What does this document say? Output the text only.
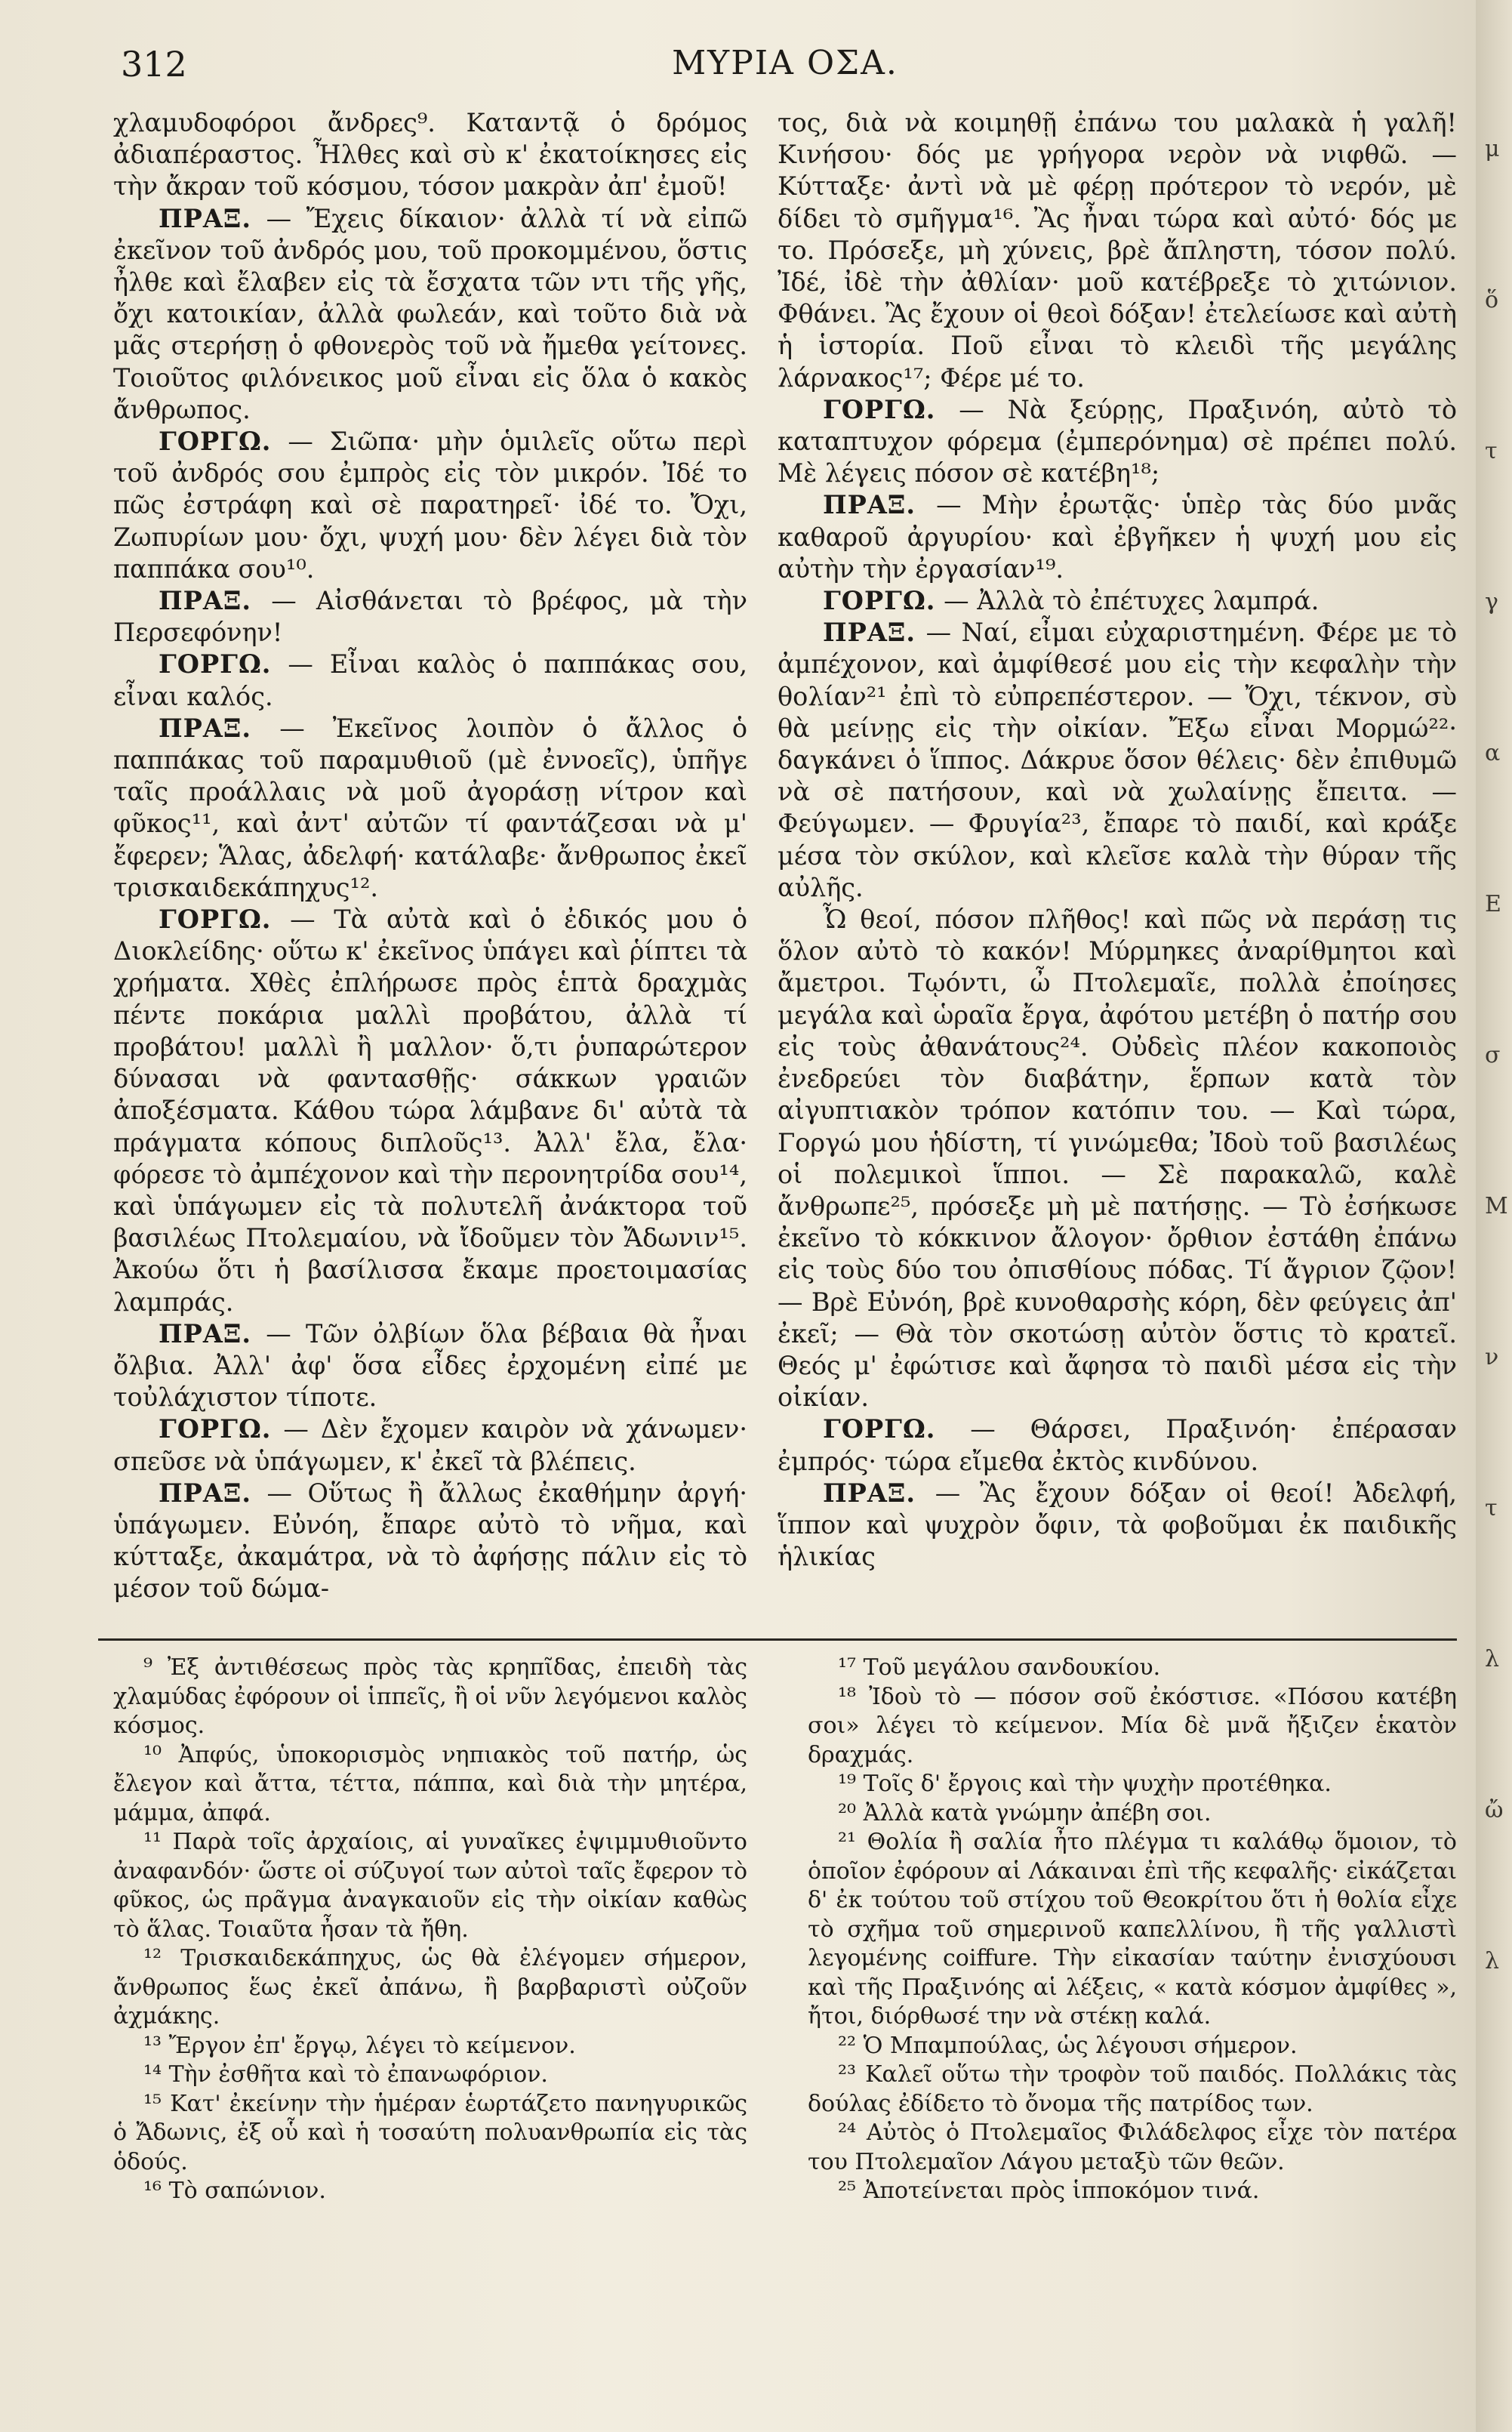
312	ΜΥΡΙΑ ΟΣΑ.

χλαμυδοφόροι ἄνδρες⁹. Καταντᾷ ὁ δρόμος ἀδιαπέραστος. Ἦλθες καὶ σὺ κ' ἐκατοίκησες εἰς τὴν ἄκραν τοῦ κόσμου, τόσον μακρὰν ἀπ' ἐμοῦ!

ΠΡΑΞ. — Ἔχεις δίκαιον· ἀλλὰ τί νὰ εἰπῶ ἐκεῖνον τοῦ ἀνδρός μου, τοῦ προκομμένου, ὅστις ἦλθε καὶ ἔλαβεν εἰς τὰ ἔσχατα τῶν ντι τῆς γῆς, ὄχι κατοικίαν, ἀλλὰ φωλεάν, καὶ τοῦτο διὰ νὰ μᾶς στερήσῃ ὁ φθονερὸς τοῦ νὰ ἤμεθα γείτονες. Τοιοῦτος φιλόνεικος μοῦ εἶναι εἰς ὅλα ὁ κακὸς ἄνθρωπος.

ΓΟΡΓΩ. — Σιῶπα· μὴν ὁμιλεῖς οὕτω περὶ τοῦ ἀνδρός σου ἐμπρὸς εἰς τὸν μικρόν. Ἰδέ το πῶς ἐστράφη καὶ σὲ παρατηρεῖ· ἰδέ το. Ὄχι, Ζωπυρίων μου· ὄχι, ψυχή μου· δὲν λέγει διὰ τὸν παππάκα σου¹⁰.

ΠΡΑΞ. — Αἰσθάνεται τὸ βρέφος, μὰ τὴν Περσεφόνην!

ΓΟΡΓΩ. — Εἶναι καλὸς ὁ παππάκας σου, εἶναι καλός.

ΠΡΑΞ. — Ἐκεῖνος λοιπὸν ὁ ἄλλος ὁ παππάκας τοῦ παραμυθιοῦ (μὲ ἐννοεῖς), ὑπῆγε ταῖς προάλλαις νὰ μοῦ ἀγοράσῃ νίτρον καὶ φῦκος¹¹, καὶ ἀντ' αὐτῶν τί φαντάζεσαι νὰ μ' ἔφερεν; Ἅλας, ἀδελφή· κατάλαβε· ἄνθρωπος ἐκεῖ τρισκαιδεκάπηχυς¹².

ΓΟΡΓΩ. — Τὰ αὐτὰ καὶ ὁ ἐδικός μου ὁ Διοκλείδης· οὕτω κ' ἐκεῖνος ὑπάγει καὶ ῥίπτει τὰ χρήματα. Χθὲς ἐπλήρωσε πρὸς ἑπτὰ δραχμὰς πέντε ποκάρια μαλλὶ προβάτου, ἀλλὰ τί προβάτου! μαλλὶ ἢ μαλλον· ὅ,τι ῥυπαρώτερον δύνασαι νὰ φαντασθῇς· σάκκων γραιῶν ἀποξέσματα. Κάθου τώρα λάμβανε δι' αὐτὰ τὰ πράγματα κόπους διπλοῦς¹³. Ἀλλ' ἔλα, ἔλα· φόρεσε τὸ ἀμπέχονον καὶ τὴν περονητρίδα σου¹⁴, καὶ ὑπάγωμεν εἰς τὰ πολυτελῆ ἀνάκτορα τοῦ βασιλέως Πτολεμαίου, νὰ ἴδοῦμεν τὸν Ἄδωνιν¹⁵. Ἀκούω ὅτι ἡ βασίλισσα ἔκαμε προετοιμασίας λαμπράς.

ΠΡΑΞ. — Τῶν ὀλβίων ὅλα βέβαια θὰ ἦναι ὄλβια. Ἀλλ' ἀφ' ὅσα εἶδες ἐρχομένη εἰπέ με τοὐλάχιστον τίποτε.

ΓΟΡΓΩ. — Δὲν ἔχομεν καιρὸν νὰ χάνωμεν· σπεῦσε νὰ ὑπάγωμεν, κ' ἐκεῖ τὰ βλέπεις.

ΠΡΑΞ. — Οὕτως ἢ ἄλλως ἐκαθήμην ἀργή· ὑπάγωμεν. Εὐνόη, ἔπαρε αὐτὸ τὸ νῆμα, καὶ κύτταξε, ἀκαμάτρα, νὰ τὸ ἀφήσῃς πάλιν εἰς τὸ μέσον τοῦ δώμα-

τος, διὰ νὰ κοιμηθῇ ἐπάνω του μαλακὰ ἡ γαλῆ! Κινήσου· δός με γρήγορα νερὸν νὰ νιφθῶ. — Κύτταξε· ἀντὶ νὰ μὲ φέρῃ πρότερον τὸ νερόν, μὲ δίδει τὸ σμῆγμα¹⁶. Ἂς ἦναι τώρα καὶ αὐτό· δός με το. Πρόσεξε, μὴ χύνεις, βρὲ ἄπληστη, τόσον πολύ. Ἰδέ, ἰδὲ τὴν ἀθλίαν· μοῦ κατέβρεξε τὸ χιτώνιον. Φθάνει. Ἂς ἔχουν οἱ θεοὶ δόξαν! ἐτελείωσε καὶ αὐτὴ ἡ ἱστορία. Ποῦ εἶναι τὸ κλειδὶ τῆς μεγάλης λάρνακος¹⁷; Φέρε μέ το.

ΓΟΡΓΩ. — Νὰ ξεύρῃς, Πραξινόη, αὐτὸ τὸ καταπτυχον φόρεμα (ἐμπερόνημα) σὲ πρέπει πολύ. Μὲ λέγεις πόσον σὲ κατέβη¹⁸;

ΠΡΑΞ. — Μὴν ἐρωτᾷς· ὑπὲρ τὰς δύο μνᾶς καθαροῦ ἀργυρίου· καὶ ἐβγῆκεν ἡ ψυχή μου εἰς αὐτὴν τὴν ἐργασίαν¹⁹.

ΓΟΡΓΩ. — Ἀλλὰ τὸ ἐπέτυχες λαμπρά.

ΠΡΑΞ. — Ναί, εἶμαι εὐχαριστημένη. Φέρε με τὸ ἀμπέχονον, καὶ ἀμφίθεσέ μου εἰς τὴν κεφαλὴν τὴν θολίαν²¹ ἐπὶ τὸ εὐπρεπέστερον. — Ὄχι, τέκνον, σὺ θὰ μείνῃς εἰς τὴν οἰκίαν. Ἔξω εἶναι Μορμώ²²· δαγκάνει ὁ ἵππος. Δάκρυε ὅσον θέλεις· δὲν ἐπιθυμῶ νὰ σὲ πατήσουν, καὶ νὰ χωλαίνῃς ἔπειτα. — Φεύγωμεν. — Φρυγία²³, ἔπαρε τὸ παιδί, καὶ κράξε μέσα τὸν σκύλον, καὶ κλεῖσε καλὰ τὴν θύραν τῆς αὐλῆς.

Ὦ θεοί, πόσον πλῆθος! καὶ πῶς νὰ περάσῃ τις ὅλον αὐτὸ τὸ κακόν! Μύρμηκες ἀναρίθμητοι καὶ ἄμετροι. Τῳόντι, ὦ Πτολεμαῖε, πολλὰ ἐποίησες μεγάλα καὶ ὡραῖα ἔργα, ἀφότου μετέβη ὁ πατήρ σου εἰς τοὺς ἀθανάτους²⁴. Οὐδεὶς πλέον κακοποιὸς ἐνεδρεύει τὸν διαβάτην, ἕρπων κατὰ τὸν αἰγυπτιακὸν τρόπον κατόπιν του. — Καὶ τώρα, Γοργώ μου ἡδίστη, τί γινώμεθα; Ἰδοὺ τοῦ βασιλέως οἱ πολεμικοὶ ἵπποι. — Σὲ παρακαλῶ, καλὲ ἄνθρωπε²⁵, πρόσεξε μὴ μὲ πατήσῃς. — Τὸ ἐσήκωσε ἐκεῖνο τὸ κόκκινον ἄλογον· ὄρθιον ἐστάθη ἐπάνω εἰς τοὺς δύο του ὀπισθίους πόδας. Τί ἄγριον ζῷον! — Βρὲ Εὐνόη, βρὲ κυνοθαρσὴς κόρη, δὲν φεύγεις ἀπ' ἐκεῖ; — Θὰ τὸν σκοτώσῃ αὐτὸν ὅστις τὸ κρατεῖ. Θεός μ' ἐφώτισε καὶ ἄφησα τὸ παιδὶ μέσα εἰς τὴν οἰκίαν.

ΓΟΡΓΩ. — Θάρσει, Πραξινόη· ἐπέρασαν ἐμπρός· τώρα εἴμεθα ἐκτὸς κινδύνου.

ΠΡΑΞ. — Ἂς ἔχουν δόξαν οἱ θεοί! Ἀδελφή, ἵππον καὶ ψυχρὸν ὄφιν, τὰ φοβοῦμαι ἐκ παιδικῆς ἡλικίας

⁹ Ἐξ ἀντιθέσεως πρὸς τὰς κρηπῖδας, ἐπειδὴ τὰς χλαμύδας ἐφόρουν οἱ ἱππεῖς, ἢ οἱ νῦν λεγόμενοι καλὸς κόσμος.

¹⁰ Ἀπφύς, ὑποκορισμὸς νηπιακὸς τοῦ πατήρ, ὡς ἔλεγον καὶ ἄττα, τέττα, πάππα, καὶ διὰ τὴν μητέρα, μάμμα, ἀπφά.

¹¹ Παρὰ τοῖς ἀρχαίοις, αἱ γυναῖκες ἐψιμμυθιοῦντο ἀναφανδόν· ὥστε οἱ σύζυγοί των αὐτοὶ ταῖς ἔφερον τὸ φῦκος, ὡς πρᾶγμα ἀναγκαιοῦν εἰς τὴν οἰκίαν καθὼς τὸ ἅλας. Τοιαῦτα ἦσαν τὰ ἤθη.

¹² Τρισκαιδεκάπηχυς, ὡς θὰ ἐλέγομεν σήμερον, ἄνθρωπος ἕως ἐκεῖ ἀπάνω, ἢ βαρβαριστὶ οὐζοῦν ἀχμάκης.

¹³ Ἔργον ἐπ' ἔργῳ, λέγει τὸ κείμενον.

¹⁴ Τὴν ἐσθῆτα καὶ τὸ ἐπανωφόριον.

¹⁵ Κατ' ἐκείνην τὴν ἡμέραν ἑωρτάζετο πανηγυρικῶς ὁ Ἄδωνις, ἐξ οὗ καὶ ἡ τοσαύτη πολυανθρωπία εἰς τὰς ὁδούς.

¹⁶ Τὸ σαπώνιον.

¹⁷ Τοῦ μεγάλου σανδουκίου.

¹⁸ Ἰδοὺ τὸ — πόσον σοῦ ἐκόστισε. «Πόσου κατέβη σοι» λέγει τὸ κείμενον. Μία δὲ μνᾶ ἤξιζεν ἑκατὸν δραχμάς.

¹⁹ Τοῖς δ' ἔργοις καὶ τὴν ψυχὴν προτέθηκα.

²⁰ Ἀλλὰ κατὰ γνώμην ἀπέβη σοι.

²¹ Θολία ἢ σαλία ἦτο πλέγμα τι καλάθῳ ὅμοιον, τὸ ὁποῖον ἐφόρουν αἱ Λάκαιναι ἐπὶ τῆς κεφαλῆς· εἰκάζεται δ' ἐκ τούτου τοῦ στίχου τοῦ Θεοκρίτου ὅτι ἡ θολία εἶχε τὸ σχῆμα τοῦ σημερινοῦ καπελλίνου, ἢ τῆς γαλλιστὶ λεγομένης coiffure. Τὴν εἰκασίαν ταύτην ἐνισχύουσι καὶ τῆς Πραξινόης αἱ λέξεις, « κατὰ κόσμον ἀμφίθες », ἤτοι, διόρθωσέ την νὰ στέκῃ καλά.

²² Ὁ Μπαμπούλας, ὡς λέγουσι σήμερον.

²³ Καλεῖ οὕτω τὴν τροφὸν τοῦ παιδός. Πολλάκις τὰς δούλας ἐδίδετο τὸ ὄνομα τῆς πατρίδος των.

²⁴ Αὐτὸς ὁ Πτολεμαῖος Φιλάδελφος εἶχε τὸν πατέρα του Πτολεμαῖον Λάγου μεταξὺ τῶν θεῶν.

²⁵ Ἀποτείνεται πρὸς ἱπποκόμον τινά.

μ
ὅ
τ
γ
α
E
σ
Μ
ν
τ
λ
ὤ
λ
